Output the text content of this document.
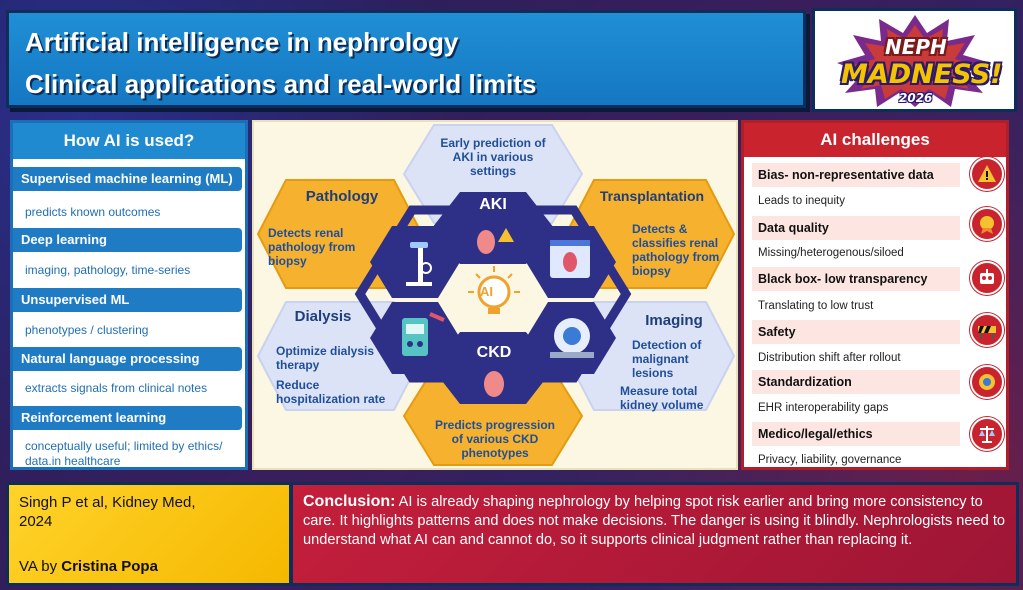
Artificial intelligence in nephrology
Clinical applications and real-world limits
NEPH
MADNESS!
2026
How AI is used?
Supervised machine learning (ML)
predicts known outcomes
Deep learning
imaging, pathology, time-series
Unsupervised ML
phenotypes / clustering
Natural language processing
extracts signals from clinical notes
Reinforcement learning
conceptually useful; limited by ethics/ data.in healthcare
AI
Early prediction of AKI in various settings
AKI
Pathology
Detects renal pathology from biopsy
Transplantation
Detects & classifies renal pathology from biopsy
Dialysis
Optimize dialysis therapy
Reduce hospitalization rate
Imaging
Detection of malignant lesions
Measure total kidney volume
CKD
Predicts progression of various CKD phenotypes
AI challenges
Bias- non-representative data
Leads to inequity
Data quality
Missing/heterogenous/siloed
Black box- low transparency
Translating to low trust
Safety
Distribution shift after rollout
Standardization
EHR interoperability gaps
Medico/legal/ethics
Privacy, liability, governance
Singh P et al, Kidney Med,
2024
VA by Cristina Popa
Conclusion: AI is already shaping nephrology by helping spot risk earlier and bring more consistency to care. It highlights patterns and does not make decisions. The danger is using it blindly. Nephrologists need to understand what AI can and cannot do, so it supports clinical judgment rather than replacing it.
